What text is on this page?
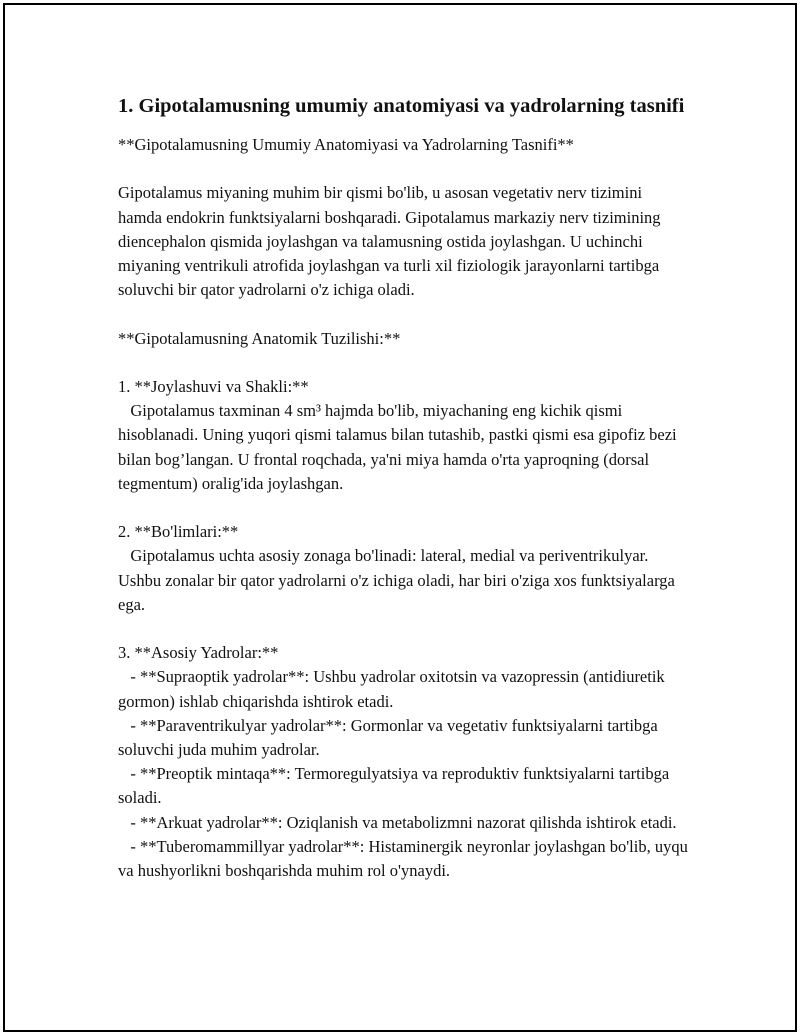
1. Gipotalamusning umumiy anatomiyasi va yadrolarning tasnifi

**Gipotalamusning Umumiy Anatomiyasi va Yadrolarning Tasnifi**

Gipotalamus miyaning muhim bir qismi bo'lib, u asosan vegetativ nerv tizimini hamda endokrin funktsiyalarni boshqaradi. Gipotalamus markaziy nerv tizimining diencephalon qismida joylashgan va talamusning ostida joylashgan. U uchinchi miyaning ventrikuli atrofida joylashgan va turli xil fiziologik jarayonlarni tartibga soluvchi bir qator yadrolarni o'z ichiga oladi.

**Gipotalamusning Anatomik Tuzilishi:**

1. **Joylashuvi va Shakli:**

Gipotalamus taxminan 4 sm³ hajmda bo'lib, miyachaning eng kichik qismi hisoblanadi. Uning yuqori qismi talamus bilan tutashib, pastki qismi esa gipofiz bezi bilan bog’langan. U frontal roqchada, ya'ni miya hamda o'rta yaproqning (dorsal tegmentum) oralig'ida joylashgan.

2. **Bo'limlari:**

Gipotalamus uchta asosiy zonaga bo'linadi: lateral, medial va periventrikulyar. Ushbu zonalar bir qator yadrolarni o'z ichiga oladi, har biri o'ziga xos funktsiyalarga ega.

3. **Asosiy Yadrolar:**

- **Supraoptik yadrolar**: Ushbu yadrolar oxitotsin va vazopressin (antidiuretik gormon) ishlab chiqarishda ishtirok etadi.

- **Paraventrikulyar yadrolar**: Gormonlar va vegetativ funktsiyalarni tartibga soluvchi juda muhim yadrolar.

- **Preoptik mintaqa**: Termoregulyatsiya va reproduktiv funktsiyalarni tartibga soladi.

- **Arkuat yadrolar**: Oziqlanish va metabolizmni nazorat qilishda ishtirok etadi.

- **Tuberomammillyar yadrolar**: Histaminergik neyronlar joylashgan bo'lib, uyqu va hushyorlikni boshqarishda muhim rol o'ynaydi.
